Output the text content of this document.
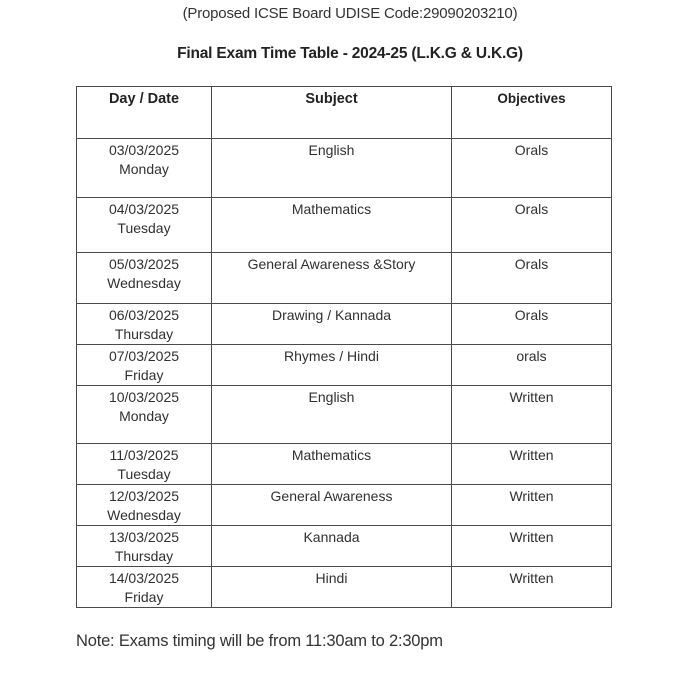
(Proposed ICSE Board UDISE Code:29090203210)
Final Exam Time Table - 2024-25 (L.K.G & U.K.G)
Day / Date	Subject	Objectives

03/03/2025
Monday	English	Orals

04/03/2025
Tuesday	Mathematics	Orals

05/03/2025
Wednesday	General Awareness &Story	Orals

06/03/2025
Thursday	Drawing / Kannada	Orals

07/03/2025
Friday	Rhymes / Hindi	orals

10/03/2025
Monday	English	Written

11/03/2025
Tuesday	Mathematics	Written

12/03/2025
Wednesday	General Awareness	Written

13/03/2025
Thursday	Kannada	Written

14/03/2025
Friday	Hindi	Written
Note: Exams timing will be from 11:30am to 2:30pm
